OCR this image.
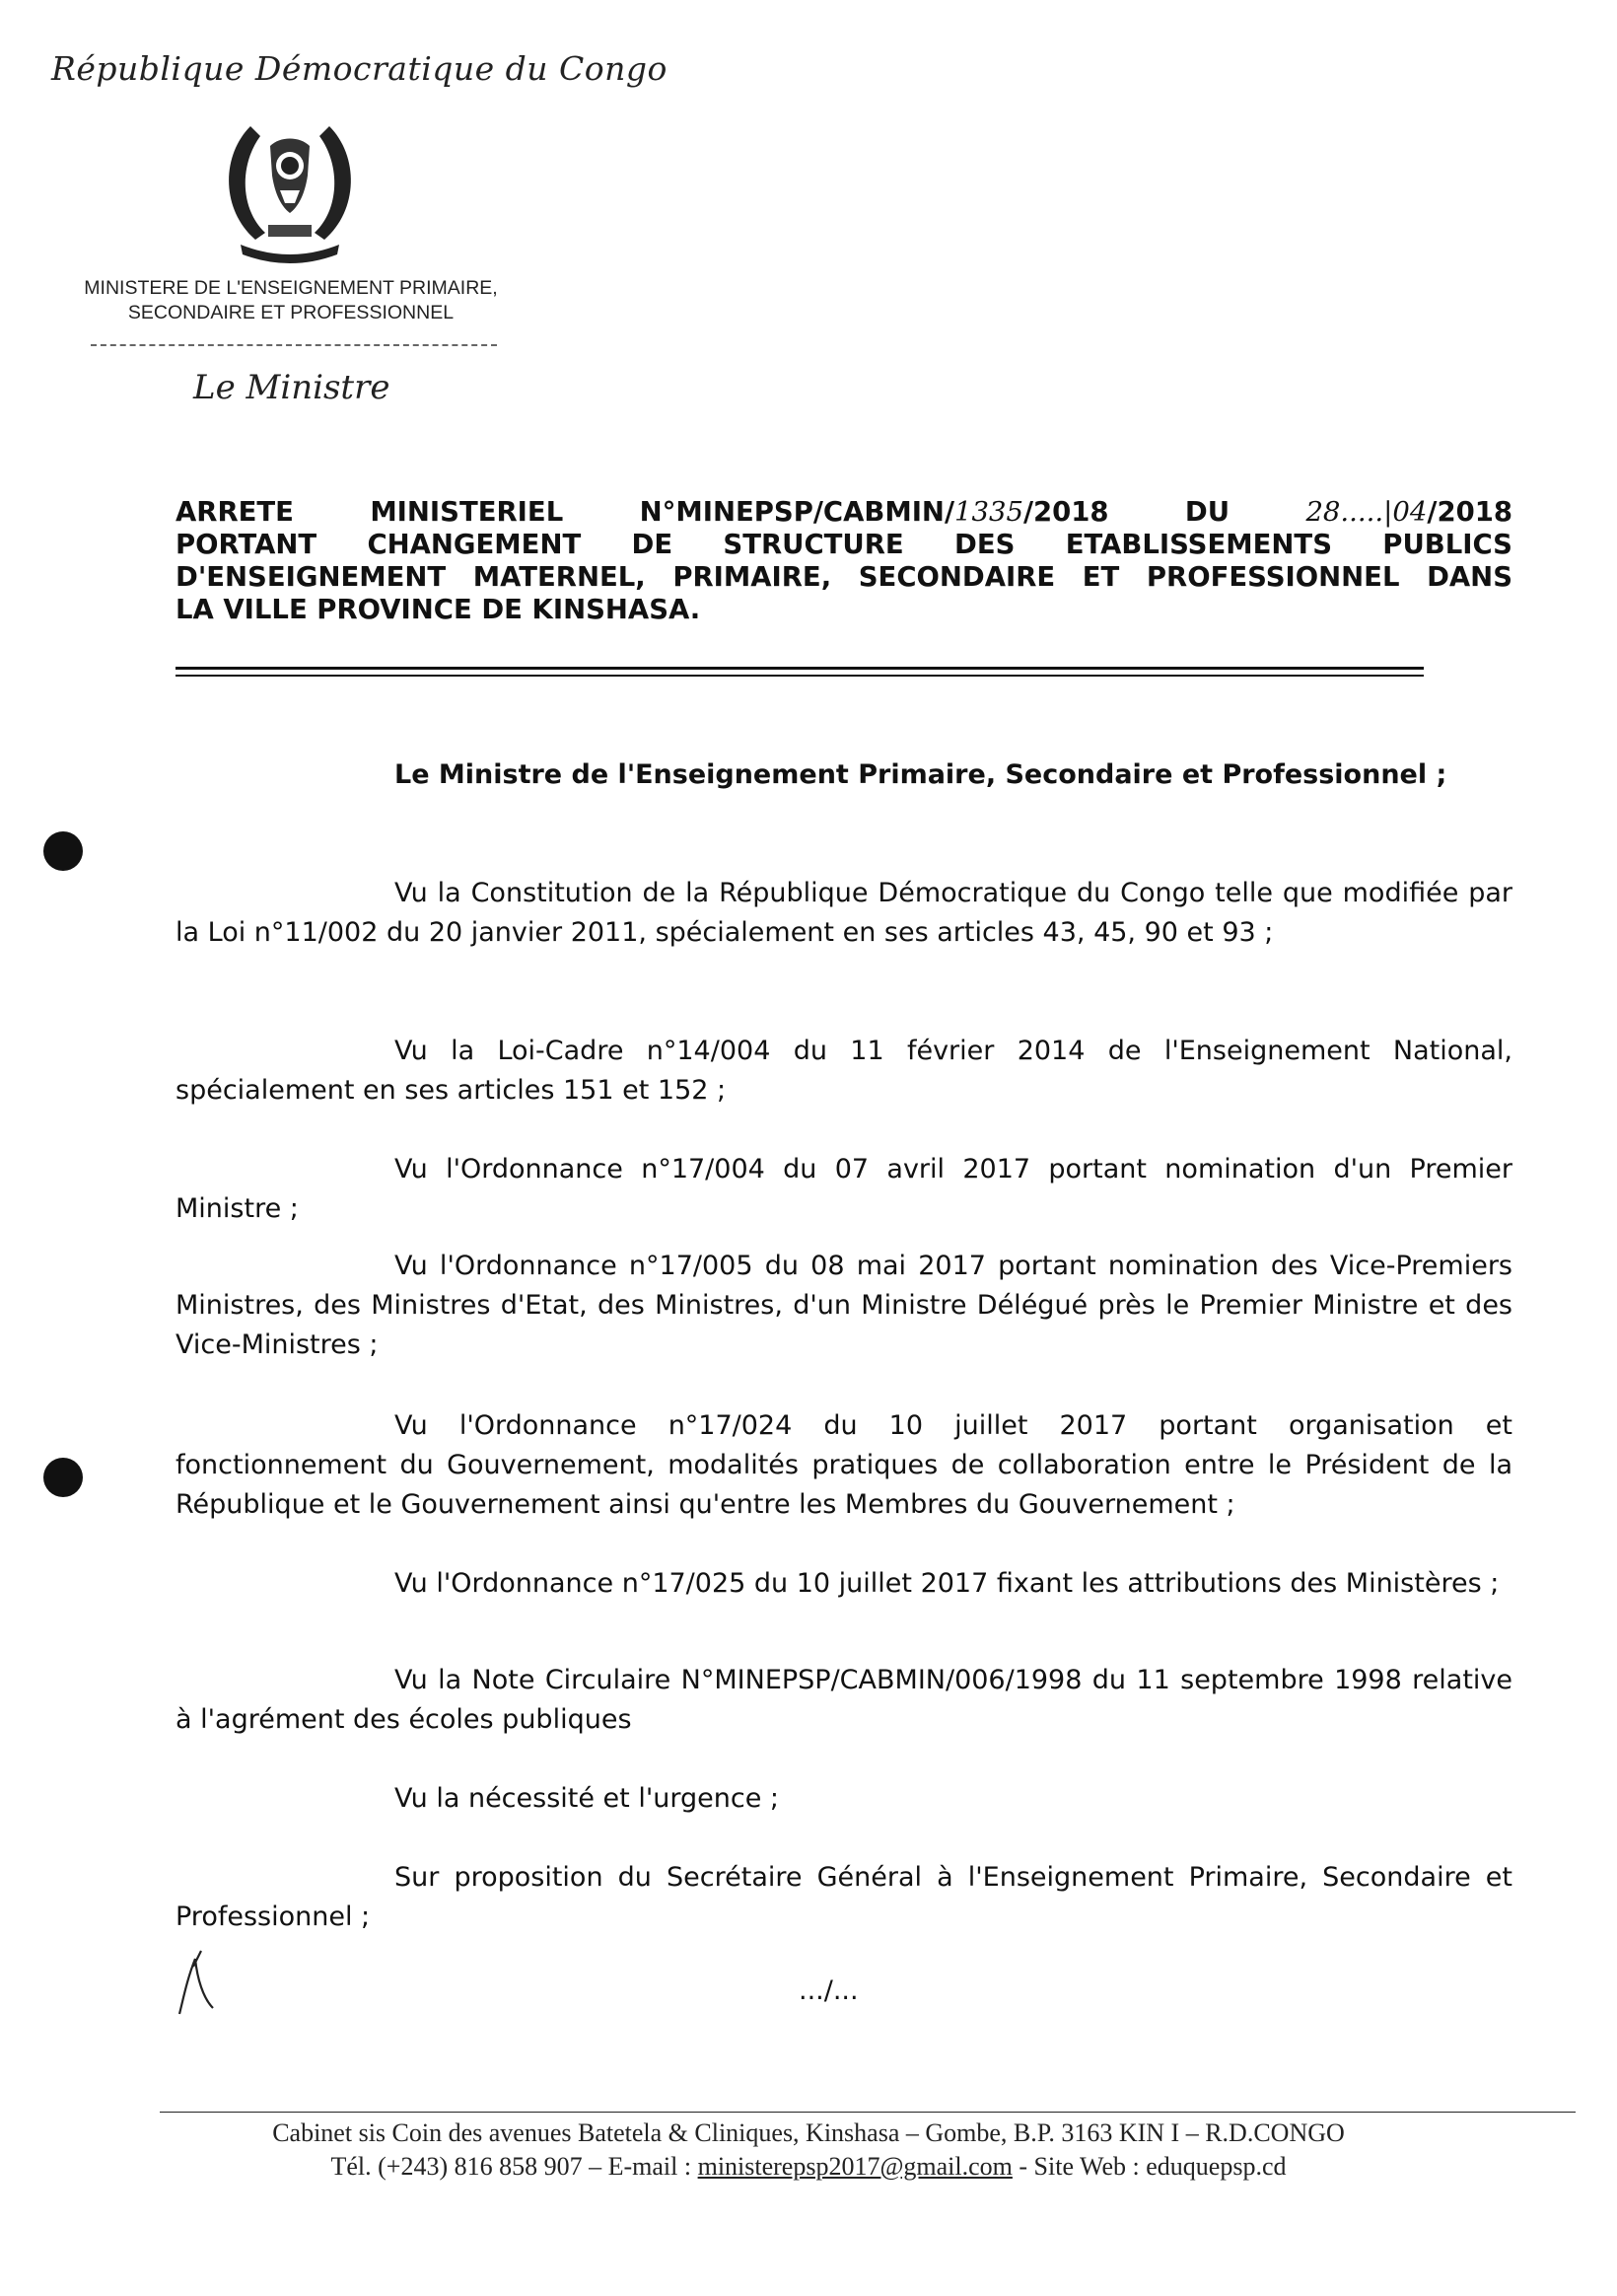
République Démocratique du Congo
MINISTERE DE L'ENSEIGNEMENT PRIMAIRE,
SECONDAIRE ET PROFESSIONNEL
Le Ministre
ARRETE MINISTERIEL N°MINEPSP/CABMIN/1335/2018 DU 28.....|04/2018
PORTANT CHANGEMENT DE STRUCTURE DES ETABLISSEMENTS PUBLICS
D'ENSEIGNEMENT MATERNEL, PRIMAIRE, SECONDAIRE ET PROFESSIONNEL DANS
LA VILLE PROVINCE DE KINSHASA.
Le Ministre de l'Enseignement Primaire, Secondaire et Professionnel ;
Vu la Constitution de la République Démocratique du Congo telle que modifiée par la Loi n°11/002 du 20 janvier 2011, spécialement en ses articles 43, 45, 90 et 93 ;
Vu la Loi-Cadre n°14/004 du 11 février 2014 de l'Enseignement National, spécialement en ses articles 151 et 152 ;
Vu l'Ordonnance n°17/004 du 07 avril 2017 portant nomination d'un Premier Ministre ;
Vu l'Ordonnance n°17/005 du 08 mai 2017 portant nomination des Vice-Premiers Ministres, des Ministres d'Etat, des Ministres, d'un Ministre Délégué près le Premier Ministre et des Vice-Ministres ;
Vu l'Ordonnance n°17/024 du 10 juillet 2017 portant organisation et fonctionnement du Gouvernement, modalités pratiques de collaboration entre le Président de la République et le Gouvernement ainsi qu'entre les Membres du Gouvernement ;
Vu l'Ordonnance n°17/025 du 10 juillet 2017 fixant les attributions des Ministères ;
Vu la Note Circulaire N°MINEPSP/CABMIN/006/1998 du 11 septembre 1998 relative à l'agrément des écoles publiques
Vu la nécessité et l'urgence ;
Sur proposition du Secrétaire Général à l'Enseignement Primaire, Secondaire et Professionnel ;
.../...
Cabinet sis Coin des avenues Batetela & Cliniques, Kinshasa – Gombe, B.P. 3163 KIN I – R.D.CONGO
Tél. (+243) 816 858 907 – E-mail : ministerepsp2017@gmail.com - Site Web : eduquepsp.cd
